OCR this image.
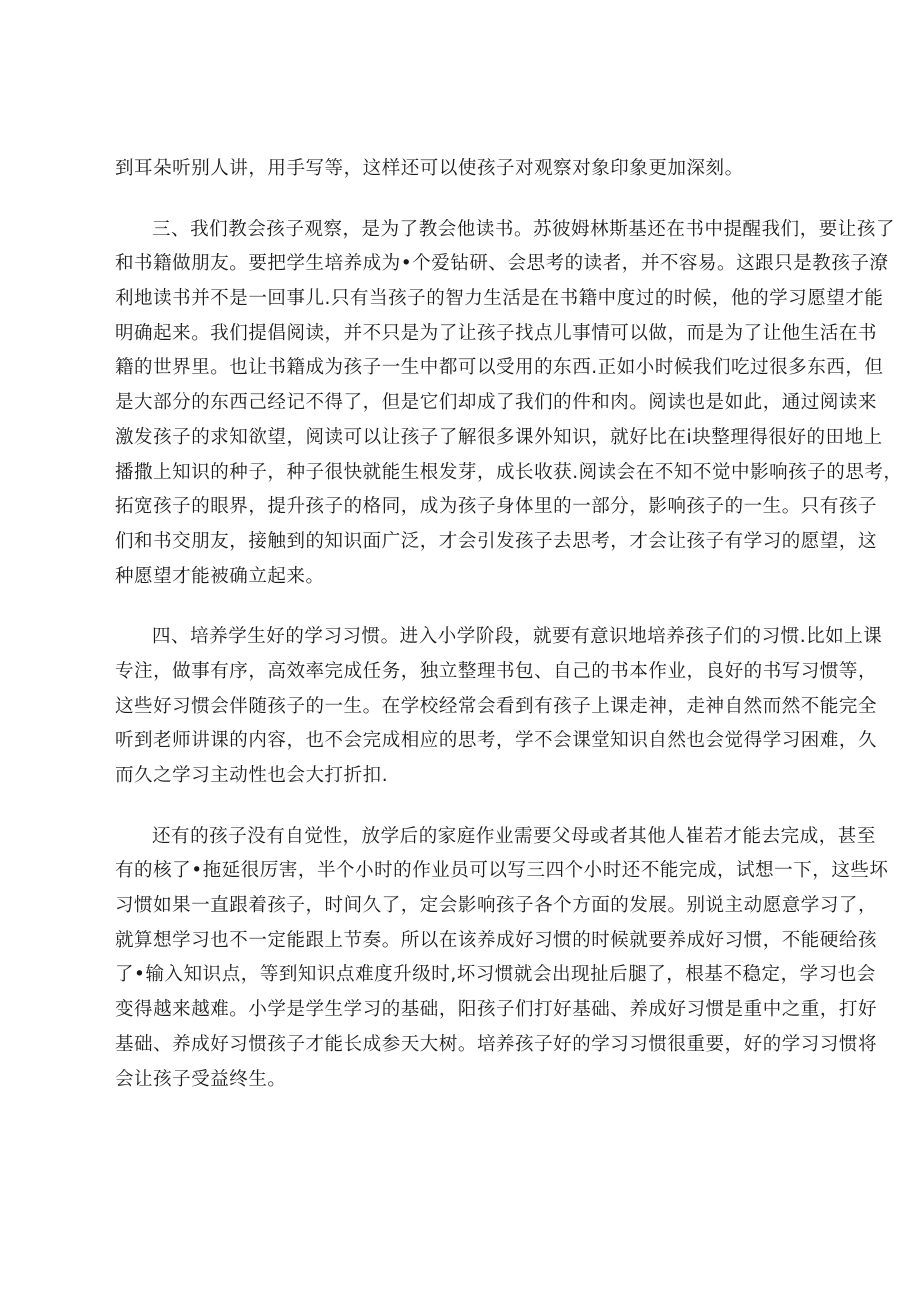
到耳朵听别人讲，用手写等，这样还可以使孩子对观察对象印象更加深刻。
三、我们教会孩子观察，是为了教会他读书。苏彼姆林斯基还在书中提醒我们，要让孩了
和书籍做朋友。要把学生培养成为•个爱钻研、会思考的读者，并不容易。这跟只是教孩子潦
利地读书并不是一回事儿.只有当孩子的智力生活是在书籍中度过的时候，他的学习愿望才能
明确起来。我们提倡阅读，并不只是为了让孩子找点儿事情可以做，而是为了让他生活在书
籍的世界里。也让书籍成为孩子一生中都可以受用的东西.正如小时候我们吃过很多东西，但
是大部分的东西己经记不得了，但是它们却成了我们的件和肉。阅读也是如此，通过阅读来
激发孩子的求知欲望，阅读可以让孩子了解很多课外知识，就好比在i块整理得很好的田地上
播撒上知识的种子，种子很快就能生根发芽，成长收获.阅读会在不知不觉中影响孩子的思考，
拓宽孩子的眼界，提升孩子的格同，成为孩子身体里的一部分，影响孩子的一生。只有孩子
们和书交朋友，接触到的知识面广泛，才会引发孩子去思考，才会让孩子有学习的愿望，这
种愿望才能被确立起来。
四、培养学生好的学习习惯。进入小学阶段，就要有意识地培养孩子们的习惯.比如上课
专注，做事有序，高效率完成任务，独立整理书包、自己的书本作业，良好的书写习惯等，
这些好习惯会伴随孩子的一生。在学校经常会看到有孩子上课走神，走神自然而然不能完全
听到老师讲课的内容，也不会完成相应的思考，学不会课堂知识自然也会觉得学习困难，久
而久之学习主动性也会大打折扣.
还有的孩子没有自觉性，放学后的家庭作业需要父母或者其他人崔若才能去完成，甚至
有的核了•拖延很厉害，半个小时的作业员可以写三四个小时还不能完成，试想一下，这些坏
习惯如果一直跟着孩子，时间久了，定会影响孩子各个方面的发展。别说主动愿意学习了，
就算想学习也不一定能跟上节奏。所以在该养成好习惯的时候就要养成好习惯，不能硬给孩
了•输入知识点，等到知识点难度升级时,坏习惯就会出现扯后腿了，根基不稳定，学习也会
变得越来越难。小学是学生学习的基础，阳孩子们打好基础、养成好习惯是重中之重，打好
基础、养成好习惯孩子才能长成参天大树。培养孩子好的学习习惯很重要，好的学习习惯将
会让孩子受益终生。
